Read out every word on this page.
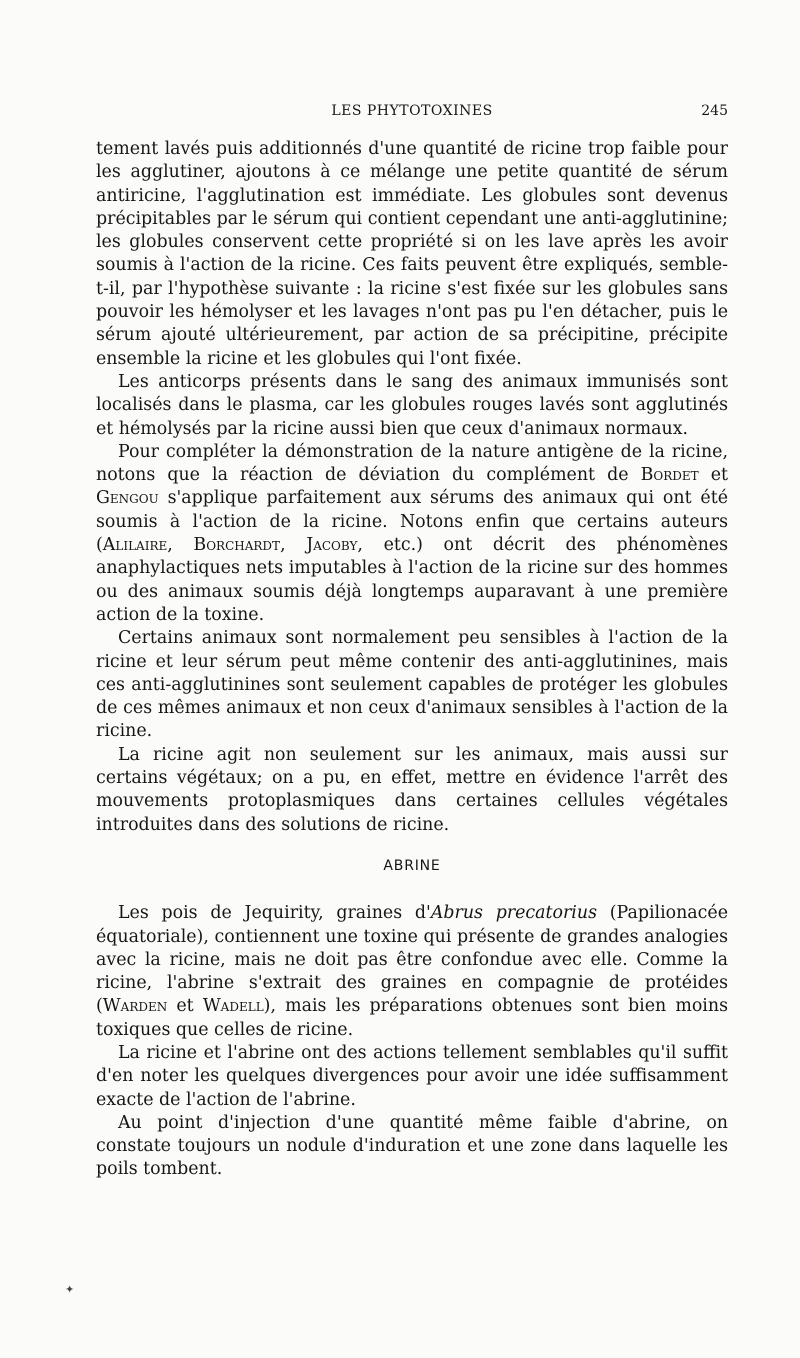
LES PHYTOTOXINES	245

tement lavés puis additionnés d'une quantité de ricine trop faible pour les agglutiner, ajoutons à ce mélange une petite quantité de sérum antiricine, l'agglutination est immédiate. Les globules sont devenus précipitables par le sérum qui contient cependant une anti-agglutinine; les globules conservent cette propriété si on les lave après les avoir soumis à l'action de la ricine. Ces faits peuvent être expliqués, semble-t-il, par l'hypothèse suivante : la ricine s'est fixée sur les globules sans pouvoir les hémolyser et les lavages n'ont pas pu l'en détacher, puis le sérum ajouté ultérieurement, par action de sa précipitine, précipite ensemble la ricine et les globules qui l'ont fixée.

Les anticorps présents dans le sang des animaux immunisés sont localisés dans le plasma, car les globules rouges lavés sont agglutinés et hémolysés par la ricine aussi bien que ceux d'animaux normaux.

Pour compléter la démonstration de la nature antigène de la ricine, notons que la réaction de déviation du complément de Bordet et Gengou s'applique parfaitement aux sérums des animaux qui ont été soumis à l'action de la ricine. Notons enfin que certains auteurs (Alilaire, Borchardt, Jacoby, etc.) ont décrit des phénomènes anaphylactiques nets imputables à l'action de la ricine sur des hommes ou des animaux soumis déjà longtemps auparavant à une première action de la toxine.

Certains animaux sont normalement peu sensibles à l'action de la ricine et leur sérum peut même contenir des anti-agglutinines, mais ces anti-agglutinines sont seulement capables de protéger les globules de ces mêmes animaux et non ceux d'animaux sensibles à l'action de la ricine.

La ricine agit non seulement sur les animaux, mais aussi sur certains végétaux; on a pu, en effet, mettre en évidence l'arrêt des mouvements protoplasmiques dans certaines cellules végétales introduites dans des solutions de ricine.

ABRINE

Les pois de Jequirity, graines d'Abrus precatorius (Papilionacée équatoriale), contiennent une toxine qui présente de grandes analogies avec la ricine, mais ne doit pas être confondue avec elle. Comme la ricine, l'abrine s'extrait des graines en compagnie de protéides (Warden et Wadell), mais les préparations obtenues sont bien moins toxiques que celles de ricine.

La ricine et l'abrine ont des actions tellement semblables qu'il suffit d'en noter les quelques divergences pour avoir une idée suffisamment exacte de l'action de l'abrine.

Au point d'injection d'une quantité même faible d'abrine, on constate toujours un nodule d'induration et une zone dans laquelle les poils tombent.

✦
